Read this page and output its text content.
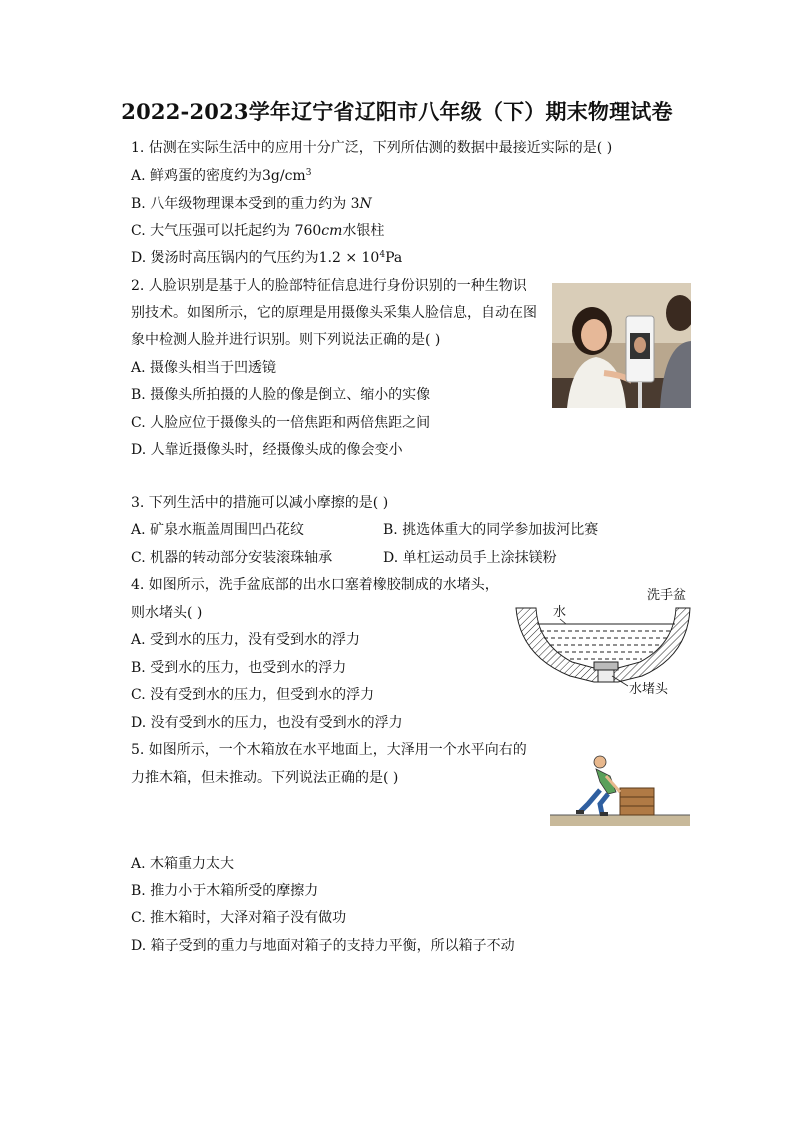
2022-2023学年辽宁省辽阳市八年级（下）期末物理试卷
1. 估测在实际生活中的应用十分广泛，下列所估测的数据中最接近实际的是( )
A. 鲜鸡蛋的密度约为$3g/cm^3$
B. 八年级物理课本受到的重力约为 3N
C. 大气压强可以托起约为 760cm水银柱
D. 煲汤时高压锅内的气压约为$1.2 \times 10^4Pa$
2. 人脸识别是基于人的脸部特征信息进行身份识别的一种生物识
别技术。如图所示，它的原理是用摄像头采集人脸信息，自动在图
象中检测人脸并进行识别。则下列说法正确的是( )
A. 摄像头相当于凹透镜
B. 摄像头所拍摄的人脸的像是倒立、缩小的实像
C. 人脸应位于摄像头的一倍焦距和两倍焦距之间
D. 人靠近摄像头时，经摄像头成的像会变小
3. 下列生活中的措施可以减小摩擦的是( )
A. 矿泉水瓶盖周围凹凸花纹	B. 挑选体重大的同学参加拔河比赛
C. 机器的转动部分安装滚珠轴承	D. 单杠运动员手上涂抹镁粉
4. 如图所示，洗手盆底部的出水口塞着橡胶制成的水堵头，
则水堵头( )
A. 受到水的压力，没有受到水的浮力
B. 受到水的压力，也受到水的浮力
C. 没有受到水的压力，但受到水的浮力
D. 没有受到水的压力，也没有受到水的浮力
洗手盆
水
水堵头
5. 如图所示，一个木箱放在水平地面上，大泽用一个水平向右的
力推木箱，但未推动。下列说法正确的是( )
A. 木箱重力太大
B. 推力小于木箱所受的摩擦力
C. 推木箱时，大泽对箱子没有做功
D. 箱子受到的重力与地面对箱子的支持力平衡，所以箱子不动
